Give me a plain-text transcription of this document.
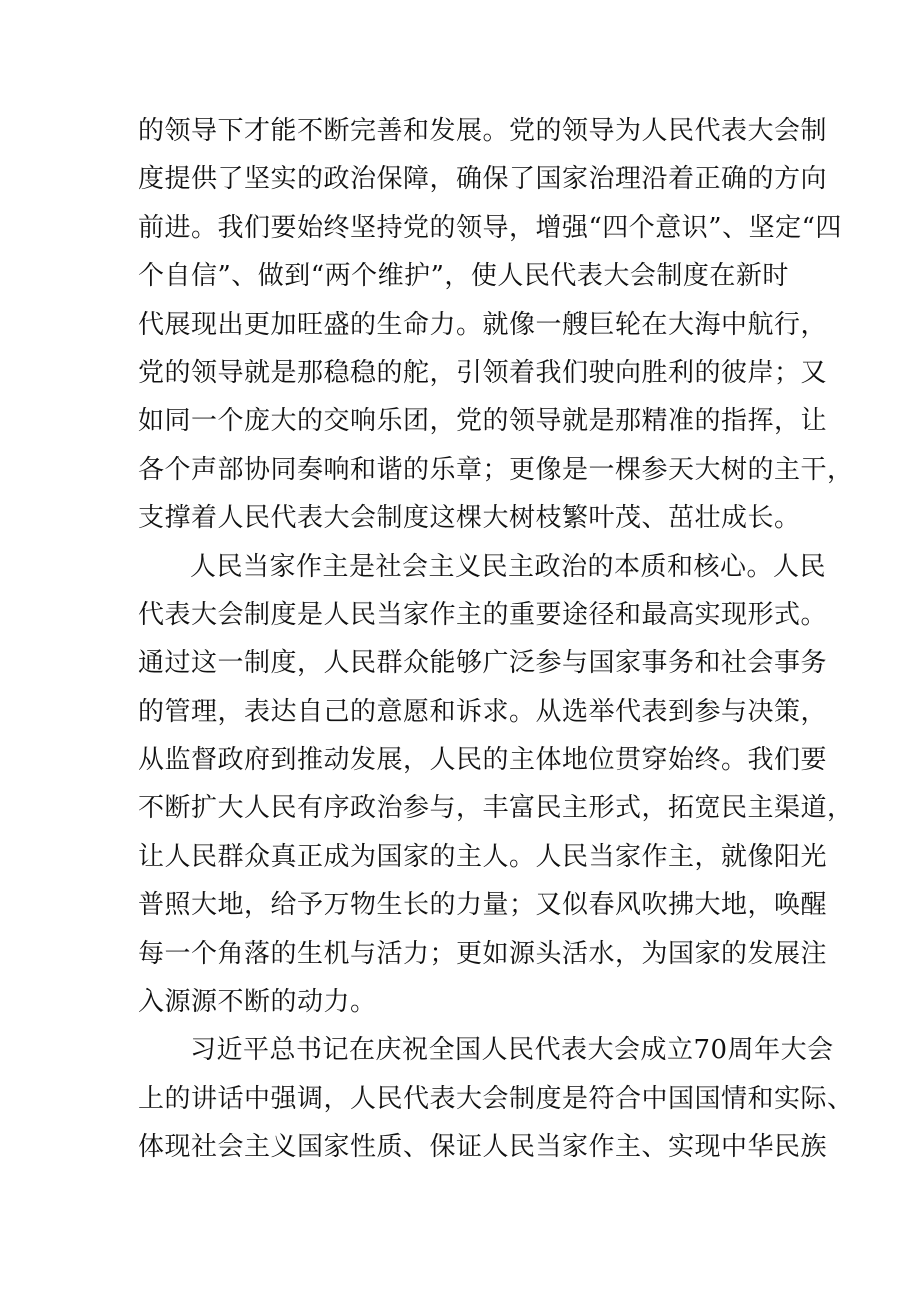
的领导下才能不断完善和发展。党的领导为人民代表大会制
度提供了坚实的政治保障，确保了国家治理沿着正确的方向
前进。我们要始终坚持党的领导，增强“四个意识”、坚定“四
个自信”、做到“两个维护”，使人民代表大会制度在新时
代展现出更加旺盛的生命力。就像一艘巨轮在大海中航行，
党的领导就是那稳稳的舵，引领着我们驶向胜利的彼岸；又
如同一个庞大的交响乐团，党的领导就是那精准的指挥，让
各个声部协同奏响和谐的乐章；更像是一棵参天大树的主干，
支撑着人民代表大会制度这棵大树枝繁叶茂、茁壮成长。
人民当家作主是社会主义民主政治的本质和核心。人民
代表大会制度是人民当家作主的重要途径和最高实现形式。
通过这一制度，人民群众能够广泛参与国家事务和社会事务
的管理，表达自己的意愿和诉求。从选举代表到参与决策，
从监督政府到推动发展，人民的主体地位贯穿始终。我们要
不断扩大人民有序政治参与，丰富民主形式，拓宽民主渠道，
让人民群众真正成为国家的主人。人民当家作主，就像阳光
普照大地，给予万物生长的力量；又似春风吹拂大地，唤醒
每一个角落的生机与活力；更如源头活水，为国家的发展注
入源源不断的动力。
习近平总书记在庆祝全国人民代表大会成立70周年大会
上的讲话中强调，人民代表大会制度是符合中国国情和实际、
体现社会主义国家性质、保证人民当家作主、实现中华民族
